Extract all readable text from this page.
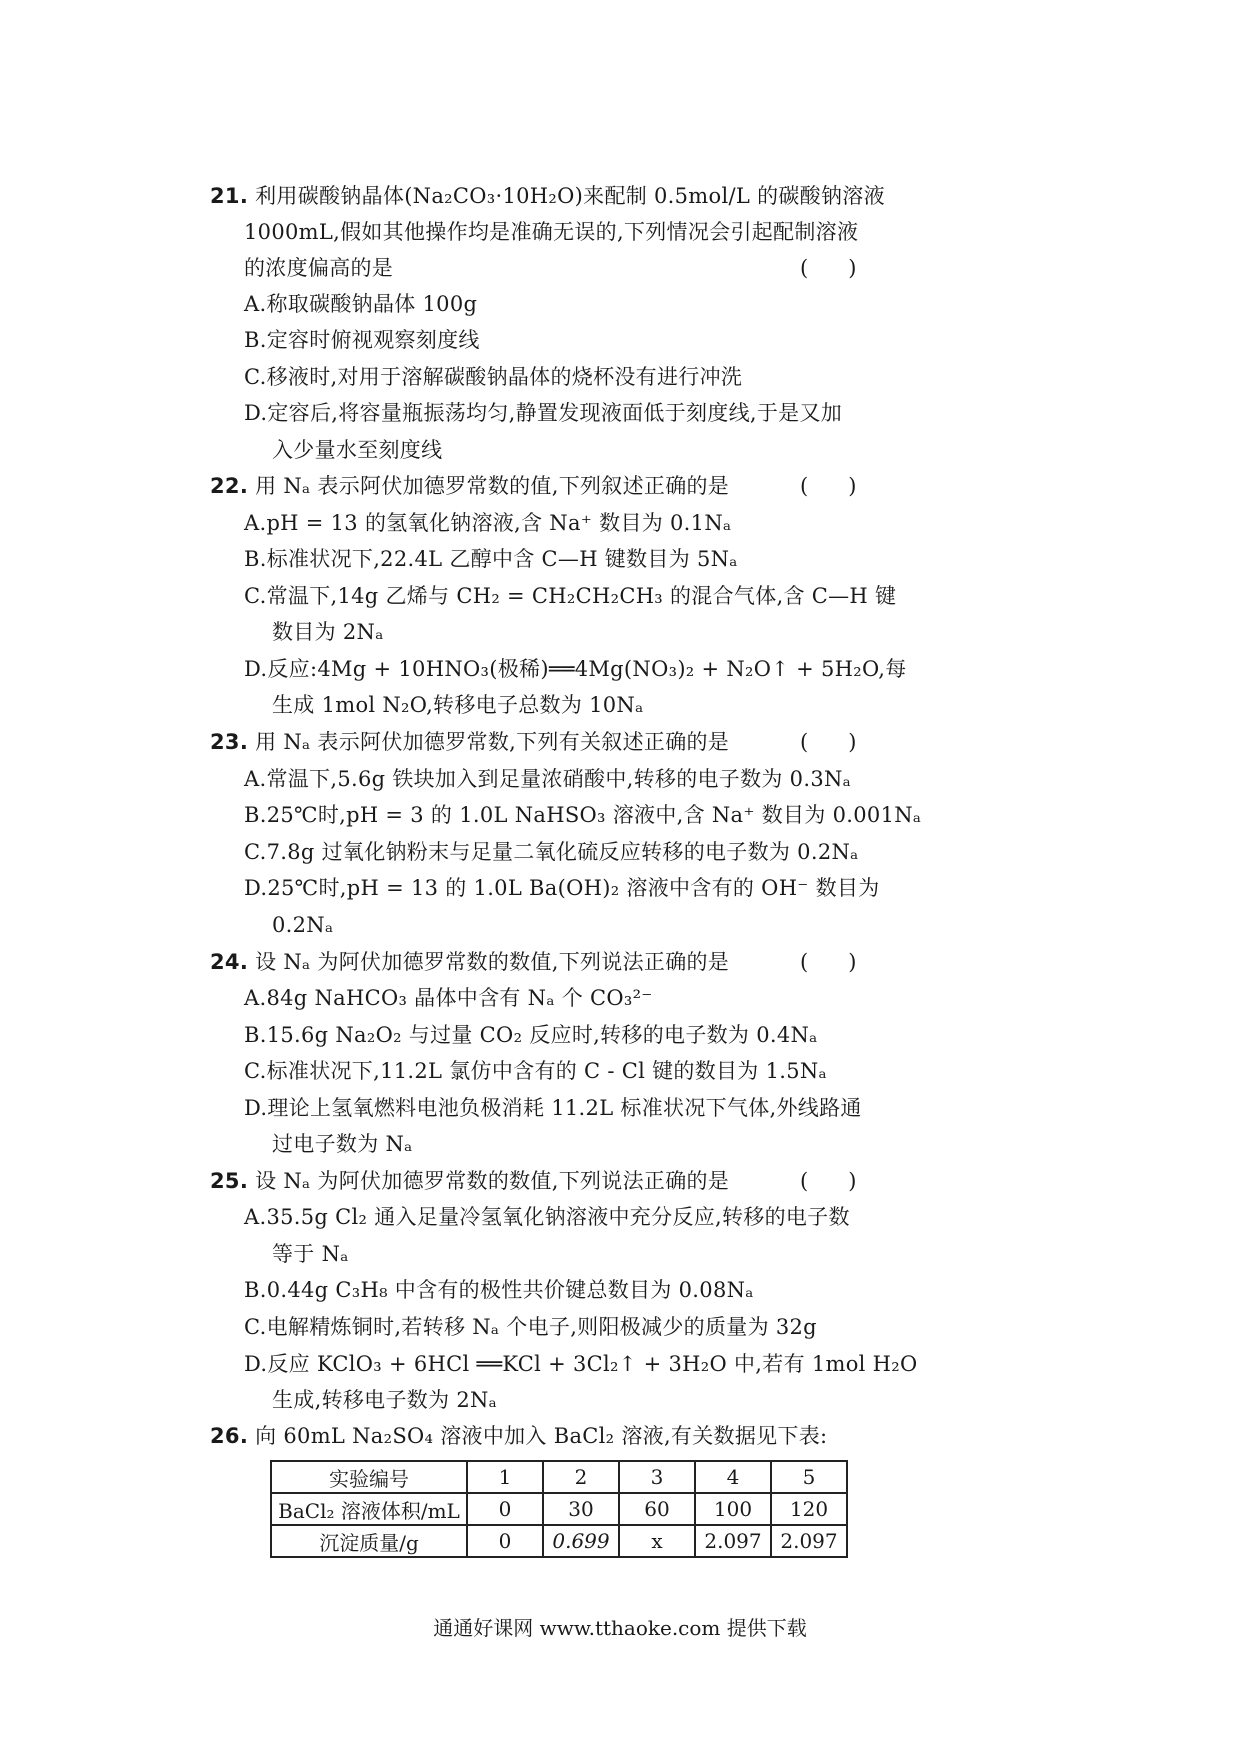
21. 利用碳酸钠晶体(Na₂CO₃·10H₂O)来配制 0.5mol/L 的碳酸钠溶液
1000mL,假如其他操作均是准确无误的,下列情况会引起配制溶液
的浓度偏高的是	(      )
A.称取碳酸钠晶体 100g
B.定容时俯视观察刻度线
C.移液时,对用于溶解碳酸钠晶体的烧杯没有进行冲洗
D.定容后,将容量瓶振荡均匀,静置发现液面低于刻度线,于是又加
入少量水至刻度线
22. 用 Nₐ 表示阿伏加德罗常数的值,下列叙述正确的是	(      )
A.pH = 13 的氢氧化钠溶液,含 Na⁺ 数目为 0.1Nₐ
B.标准状况下,22.4L 乙醇中含 C—H 键数目为 5Nₐ
C.常温下,14g 乙烯与 CH₂ = CH₂CH₂CH₃ 的混合气体,含 C—H 键
数目为 2Nₐ
D.反应:4Mg + 10HNO₃(极稀)══4Mg(NO₃)₂ + N₂O↑ + 5H₂O,每
生成 1mol N₂O,转移电子总数为 10Nₐ
23. 用 Nₐ 表示阿伏加德罗常数,下列有关叙述正确的是	(      )
A.常温下,5.6g 铁块加入到足量浓硝酸中,转移的电子数为 0.3Nₐ
B.25℃时,pH = 3 的 1.0L NaHSO₃ 溶液中,含 Na⁺ 数目为 0.001Nₐ
C.7.8g 过氧化钠粉末与足量二氧化硫反应转移的电子数为 0.2Nₐ
D.25℃时,pH = 13 的 1.0L Ba(OH)₂ 溶液中含有的 OH⁻ 数目为
0.2Nₐ
24. 设 Nₐ 为阿伏加德罗常数的数值,下列说法正确的是	(      )
A.84g NaHCO₃ 晶体中含有 Nₐ 个 CO₃²⁻
B.15.6g Na₂O₂ 与过量 CO₂ 反应时,转移的电子数为 0.4Nₐ
C.标准状况下,11.2L 氯仿中含有的 C - Cl 键的数目为 1.5Nₐ
D.理论上氢氧燃料电池负极消耗 11.2L 标准状况下气体,外线路通
过电子数为 Nₐ
25. 设 Nₐ 为阿伏加德罗常数的数值,下列说法正确的是	(      )
A.35.5g Cl₂ 通入足量冷氢氧化钠溶液中充分反应,转移的电子数
等于 Nₐ
B.0.44g C₃H₈ 中含有的极性共价键总数目为 0.08Nₐ
C.电解精炼铜时,若转移 Nₐ 个电子,则阳极减少的质量为 32g
D.反应 KClO₃ + 6HCl ══KCl + 3Cl₂↑ + 3H₂O 中,若有 1mol H₂O
生成,转移电子数为 2Nₐ
26. 向 60mL Na₂SO₄ 溶液中加入 BaCl₂ 溶液,有关数据见下表:
实验编号	1	2	3	4	5
BaCl₂ 溶液体积/mL	0	30	60	100	120
沉淀质量/g	0	0.699	x	2.097	2.097
通通好课网 www.tthaoke.com 提供下载
